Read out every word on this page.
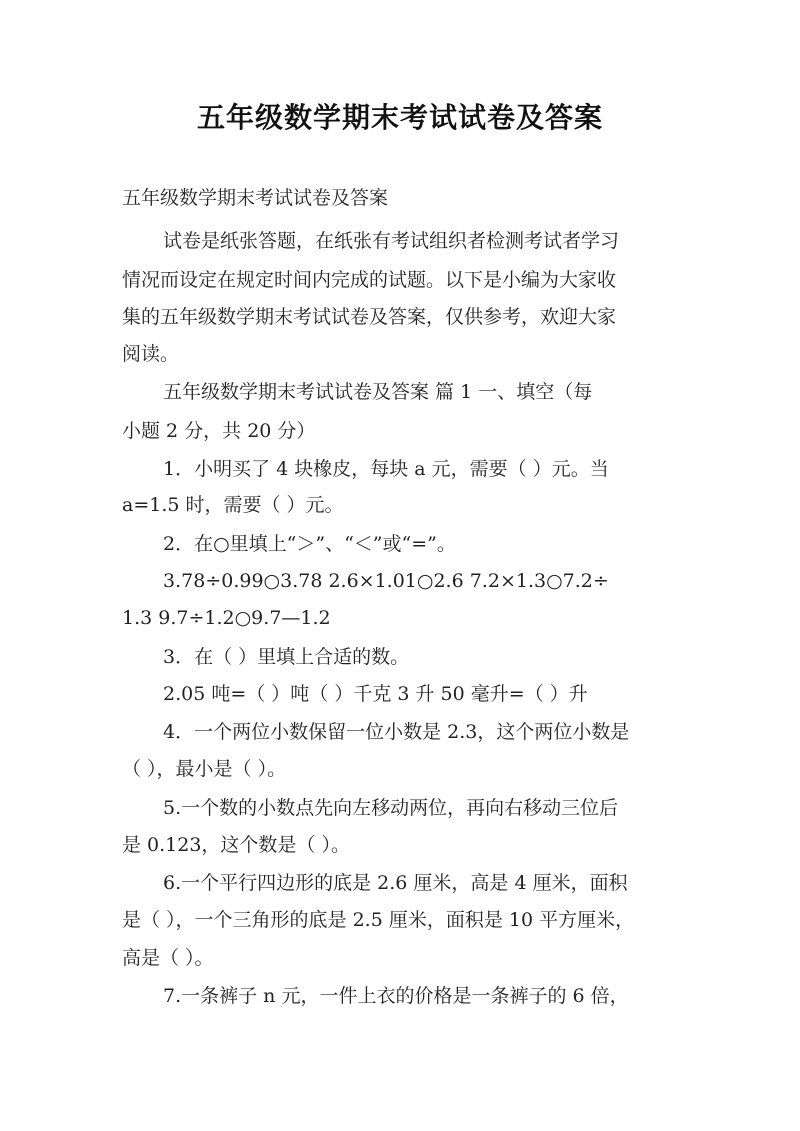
五年级数学期末考试试卷及答案
五年级数学期末考试试卷及答案
试卷是纸张答题，在纸张有考试组织者检测考试者学习
情况而设定在规定时间内完成的试题。以下是小编为大家收
集的五年级数学期末考试试卷及答案，仅供参考，欢迎大家
阅读。
五年级数学期末考试试卷及答案 篇 1 一、填空（每
小题 2 分，共 20 分）
1．小明买了 4 块橡皮，每块 a 元，需要（ ）元。当
a=1.5 时，需要（ ）元。
2．在○里填上“＞”、“＜”或“=”。
3.78÷0.99○3.78 2.6×1.01○2.6 7.2×1.3○7.2÷
1.3 9.7÷1.2○9.7—1.2
3．在（ ）里填上合适的数。
2.05 吨=（ ）吨（ ）千克 3 升 50 毫升=（ ）升
4．一个两位小数保留一位小数是 2.3，这个两位小数是
（ ），最小是（ ）。
5.一个数的小数点先向左移动两位，再向右移动三位后
是 0.123，这个数是（ ）。
6.一个平行四边形的底是 2.6 厘米，高是 4 厘米，面积
是（ ），一个三角形的底是 2.5 厘米，面积是 10 平方厘米，
高是（ ）。
7.一条裤子 n 元，一件上衣的价格是一条裤子的 6 倍，
